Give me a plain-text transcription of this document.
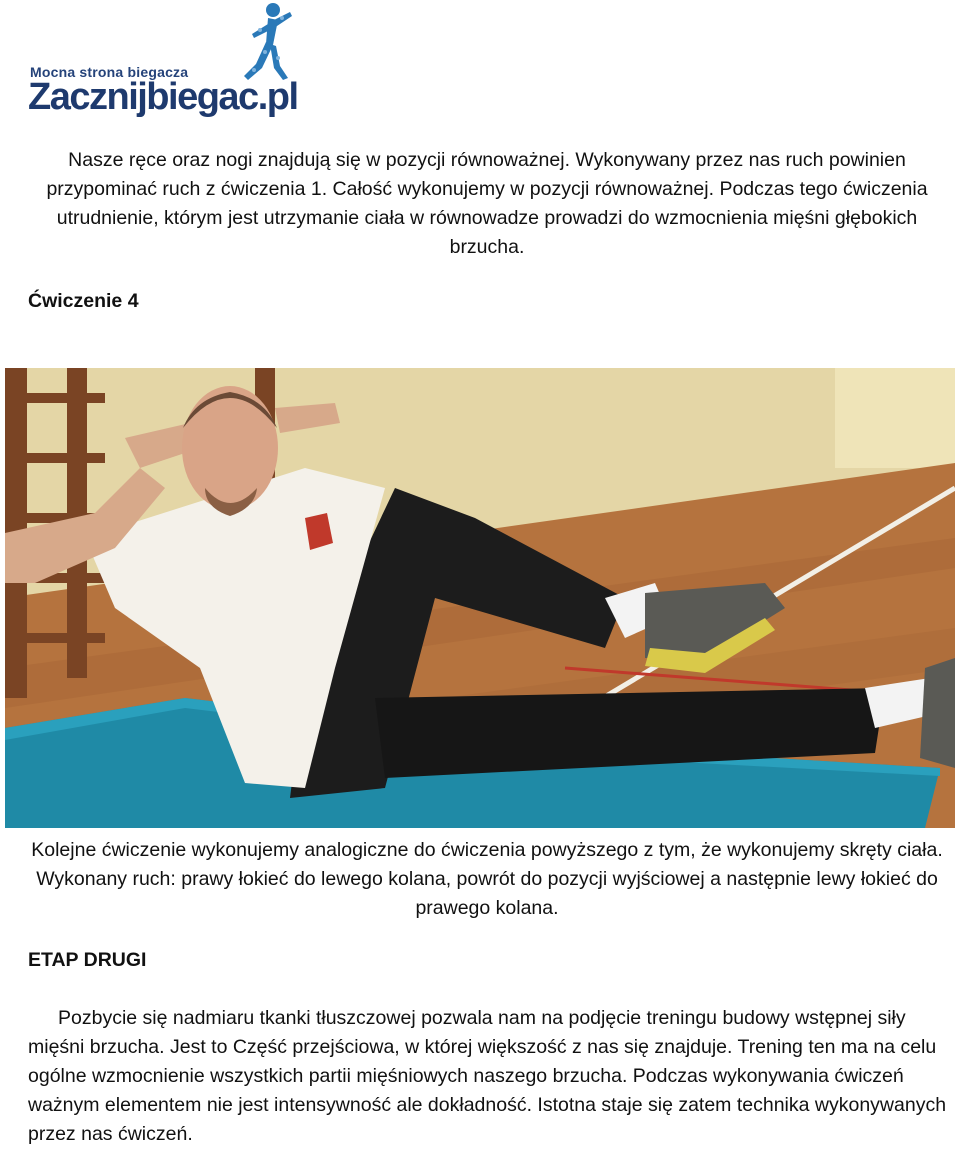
Mocna strona biegacza
Zacznijbiegac.pl

Nasze ręce oraz nogi znajdują się w pozycji równoważnej. Wykonywany przez nas ruch powinien przypominać ruch z ćwiczenia 1. Całość wykonujemy w pozycji równoważnej. Podczas tego ćwiczenia utrudnienie, którym jest utrzymanie ciała w równowadze prowadzi do wzmocnienia mięśni głębokich brzucha.

Ćwiczenie 4

Kolejne ćwiczenie wykonujemy analogiczne do ćwiczenia powyższego z tym, że wykonujemy skręty ciała. Wykonany ruch: prawy łokieć do lewego kolana, powrót do pozycji wyjściowej a następnie lewy łokieć do prawego kolana.

ETAP DRUGI

Pozbycie się nadmiaru tkanki tłuszczowej pozwala nam na podjęcie treningu budowy wstępnej siły mięśni brzucha. Jest to Część przejściowa, w której większość z nas się znajduje. Trening ten ma na celu ogólne wzmocnienie wszystkich partii mięśniowych naszego brzucha. Podczas wykonywania ćwiczeń ważnym elementem nie jest intensywność ale dokładność. Istotna staje się zatem technika wykonywanych przez nas ćwiczeń.
